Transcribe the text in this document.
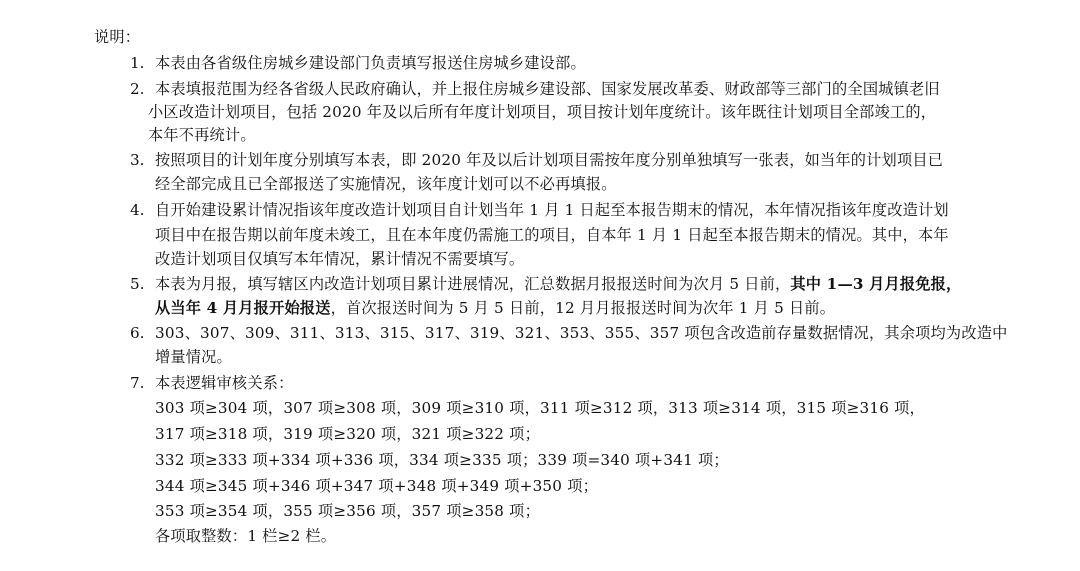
说明：
1. 本表由各省级住房城乡建设部门负责填写报送住房城乡建设部。
2. 本表填报范围为经各省级人民政府确认，并上报住房城乡建设部、国家发展改革委、财政部等三部门的全国城镇老旧
小区改造计划项目，包括 2020 年及以后所有年度计划项目，项目按计划年度统计。该年既往计划项目全部竣工的，
本年不再统计。
3. 按照项目的计划年度分别填写本表，即 2020 年及以后计划项目需按年度分别单独填写一张表，如当年的计划项目已
经全部完成且已全部报送了实施情况，该年度计划可以不必再填报。
4. 自开始建设累计情况指该年度改造计划项目自计划当年 1 月 1 日起至本报告期末的情况，本年情况指该年度改造计划
项目中在报告期以前年度未竣工，且在本年度仍需施工的项目，自本年 1 月 1 日起至本报告期末的情况。其中，本年
改造计划项目仅填写本年情况，累计情况不需要填写。
5. 本表为月报，填写辖区内改造计划项目累计进展情况，汇总数据月报报送时间为次月 5 日前，其中 1—3 月月报免报，
从当年 4 月月报开始报送，首次报送时间为 5 月 5 日前，12 月月报报送时间为次年 1 月 5 日前。
6. 303、307、309、311、313、315、317、319、321、353、355、357 项包含改造前存量数据情况，其余项均为改造中
增量情况。
7. 本表逻辑审核关系：
303 项≥304 项，307 项≥308 项，309 项≥310 项，311 项≥312 项，313 项≥314 项，315 项≥316 项，
317 项≥318 项，319 项≥320 项，321 项≥322 项；
332 项≥333 项+334 项+336 项，334 项≥335 项；339 项=340 项+341 项；
344 项≥345 项+346 项+347 项+348 项+349 项+350 项；
353 项≥354 项，355 项≥356 项，357 项≥358 项；
各项取整数：1 栏≥2 栏。
